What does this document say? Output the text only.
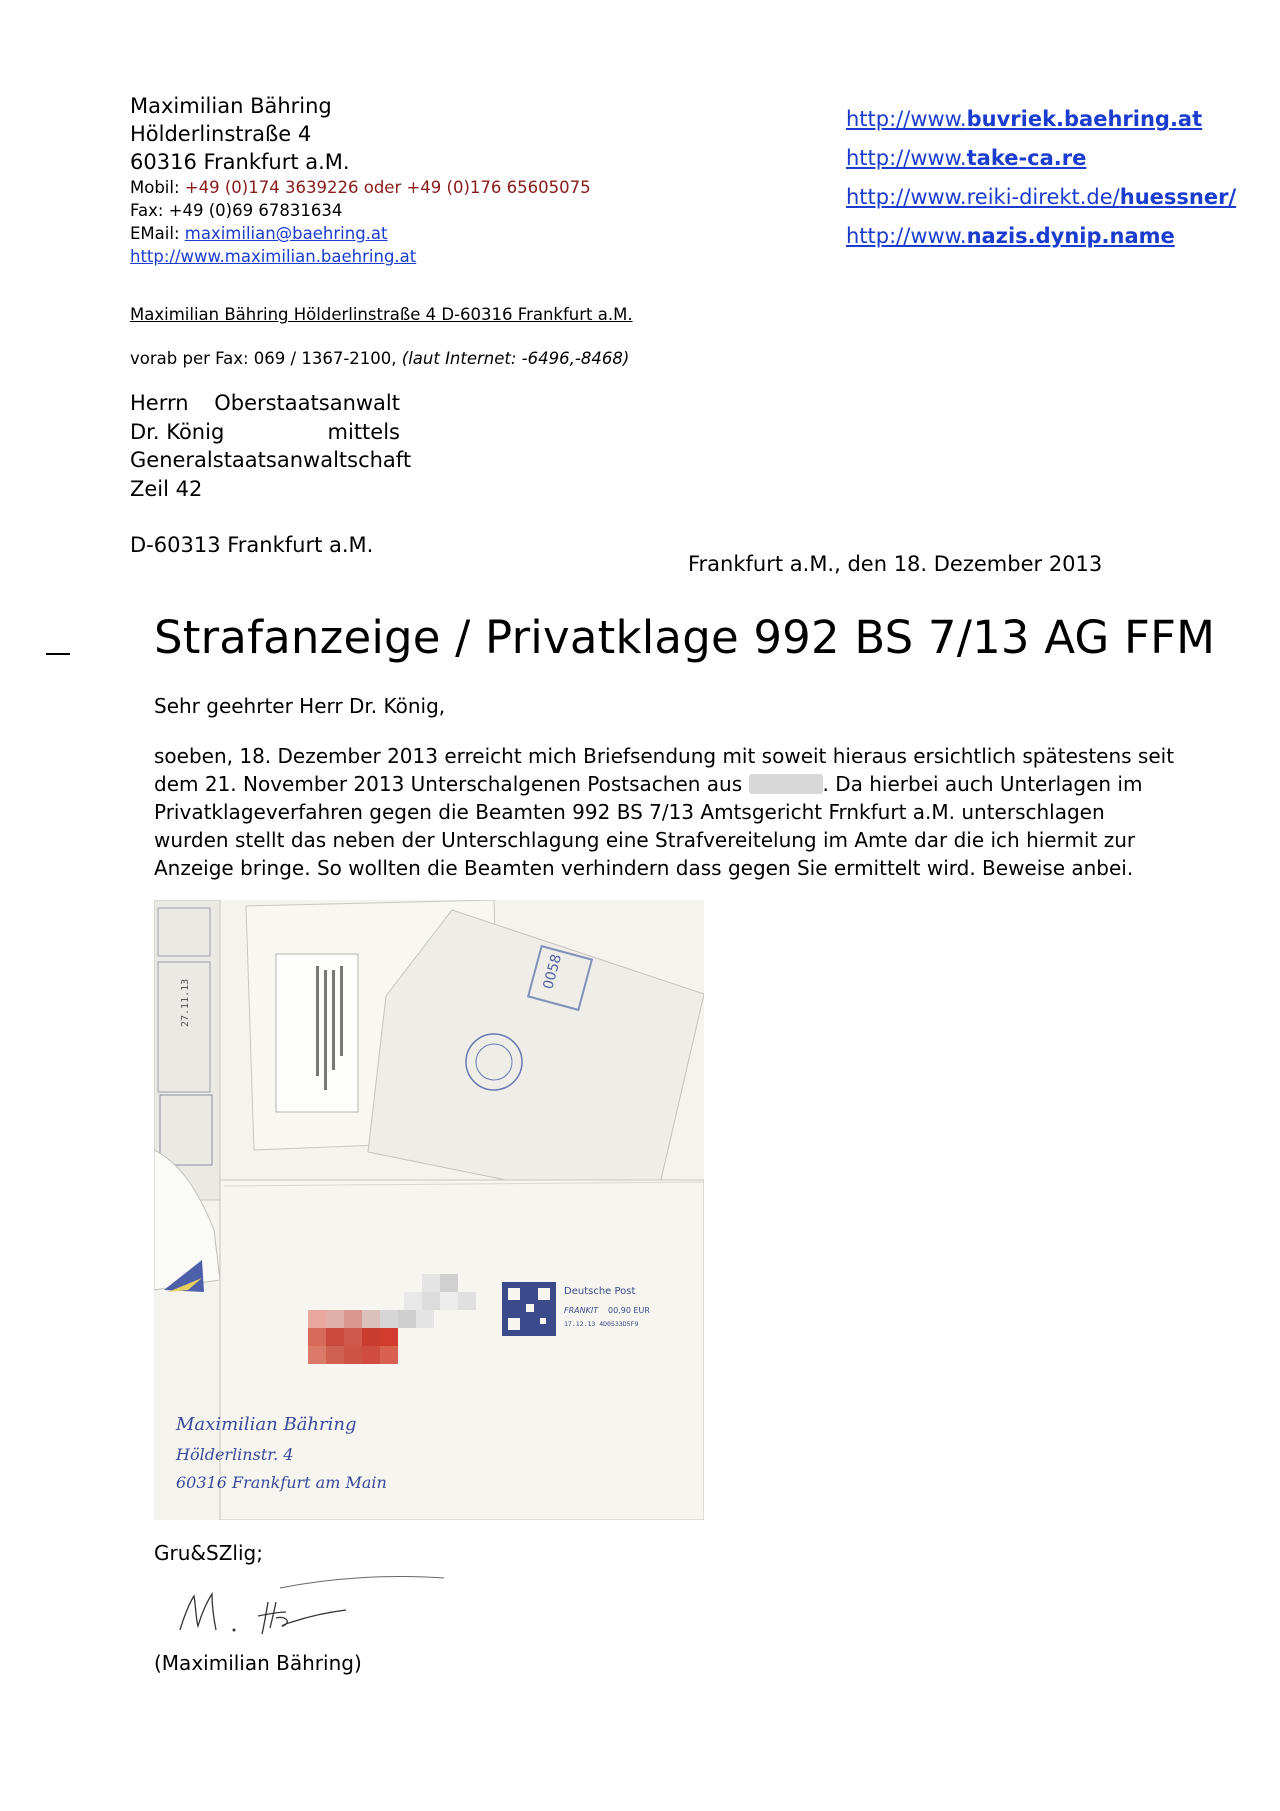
Maximilian Bähring
Hölderlinstraße 4
60316 Frankfurt a.M.
Mobil: +49 (0)174 3639226 oder +49 (0)176 65605075
Fax: +49 (0)69 67831634
EMail: maximilian@baehring.at
http://www.maximilian.baehring.at
http://www.buvriek.baehring.at
http://www.take-ca.re
http://www.reiki-direkt.de/huessner/
http://www.nazis.dynip.name
Maximilian Bähring Hölderlinstraße 4 D-60316 Frankfurt a.M.
vorab per Fax: 069 / 1367-2100, (laut Internet: -6496,-8468)
Herrn Oberstaatsanwalt
Dr. König	mittels
Generalstaatsanwaltschaft
Zeil 42
D-60313 Frankfurt a.M.
Frankfurt a.M., den 18. Dezember 2013
Strafanzeige / Privatklage 992 BS 7/13 AG FFM
Sehr geehrter Herr Dr. König,
soeben, 18. Dezember 2013 erreicht mich Briefsendung mit soweit hieraus ersichtlich spätestens seit dem 21. November 2013 Unterschalgenen Postsachen aus	. Da hierbei auch Unterlagen im Privatklageverfahren gegen die Beamten 992 BS 7/13 Amtsgericht Frnkfurt a.M. unterschlagen wurden stellt das neben der Unterschlagung eine Strafvereitelung im Amte dar die ich hiermit zur Anzeige bringe. So wollten die Beamten verhindern dass gegen Sie ermittelt wird. Beweise anbei.
27.11.13
0058
Deutsche Post
FRANKIT 00,90 EUR
17.12.13 4D0533D5F9
Maximilian Bähring
Hölderlinstr. 4
60316 Frankfurt am Main
Gru&SZlig;
(Maximilian Bähring)
